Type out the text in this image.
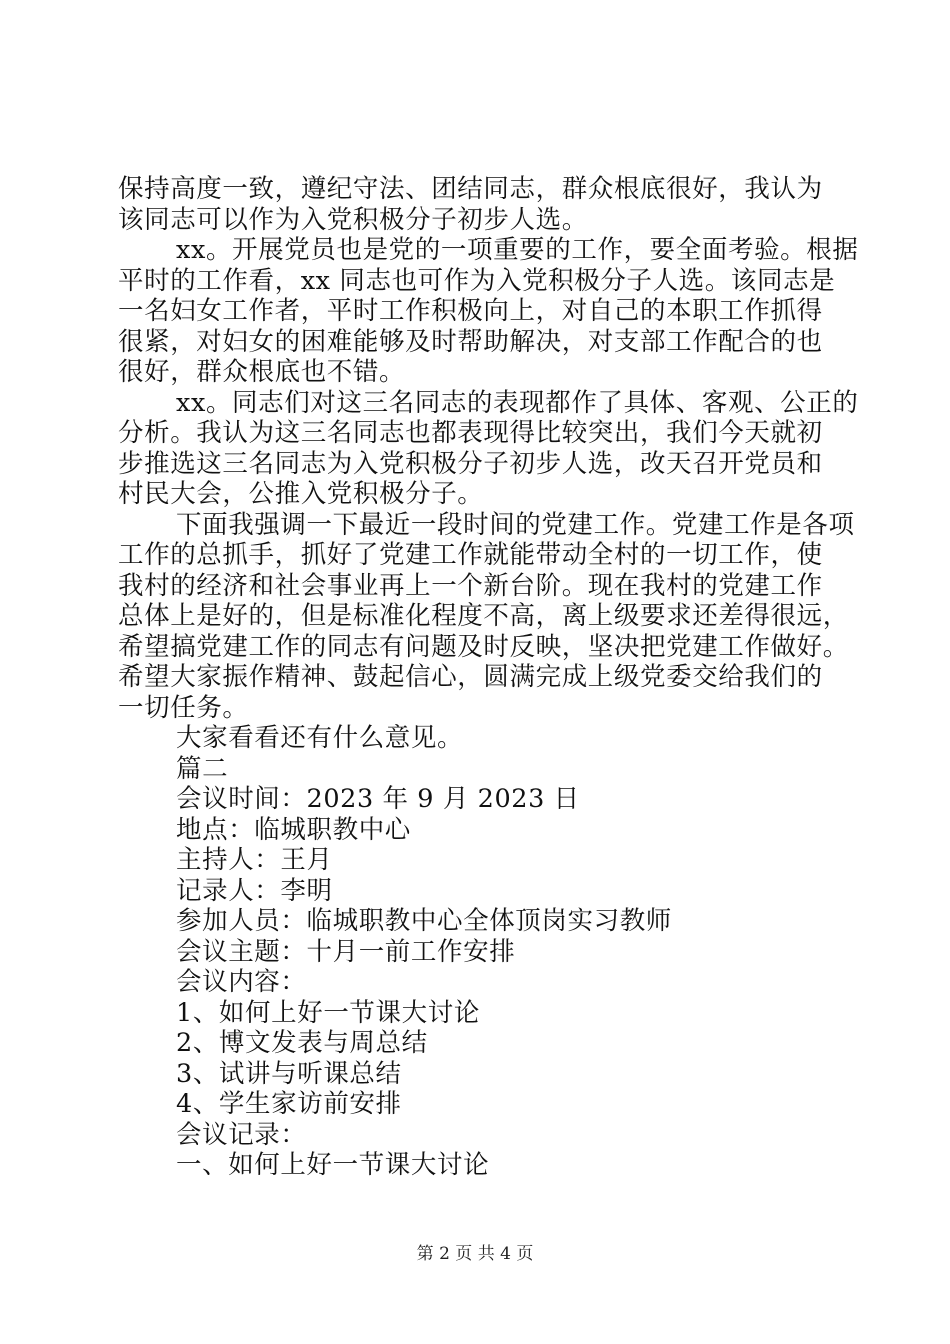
保持高度一致，遵纪守法、团结同志，群众根底很好，我认为
该同志可以作为入党积极分子初步人选。
xx。开展党员也是党的一项重要的工作，要全面考验。根据
平时的工作看，xx 同志也可作为入党积极分子人选。该同志是
一名妇女工作者，平时工作积极向上，对自己的本职工作抓得
很紧，对妇女的困难能够及时帮助解决，对支部工作配合的也
很好，群众根底也不错。
xx。同志们对这三名同志的表现都作了具体、客观、公正的
分析。我认为这三名同志也都表现得比较突出，我们今天就初
步推选这三名同志为入党积极分子初步人选，改天召开党员和
村民大会，公推入党积极分子。
下面我强调一下最近一段时间的党建工作。党建工作是各项
工作的总抓手，抓好了党建工作就能带动全村的一切工作，使
我村的经济和社会事业再上一个新台阶。现在我村的党建工作
总体上是好的，但是标准化程度不高，离上级要求还差得很远，
希望搞党建工作的同志有问题及时反映，坚决把党建工作做好。
希望大家振作精神、鼓起信心，圆满完成上级党委交给我们的
一切任务。
大家看看还有什么意见。
篇二
会议时间：2023 年 9 月 2023 日
地点：临城职教中心
主持人：王月
记录人：李明
参加人员：临城职教中心全体顶岗实习教师
会议主题：十月一前工作安排
会议内容：
1、如何上好一节课大讨论
2、博文发表与周总结
3、试讲与听课总结
4、学生家访前安排
会议记录：
一、如何上好一节课大讨论
第 2 页 共 4 页
